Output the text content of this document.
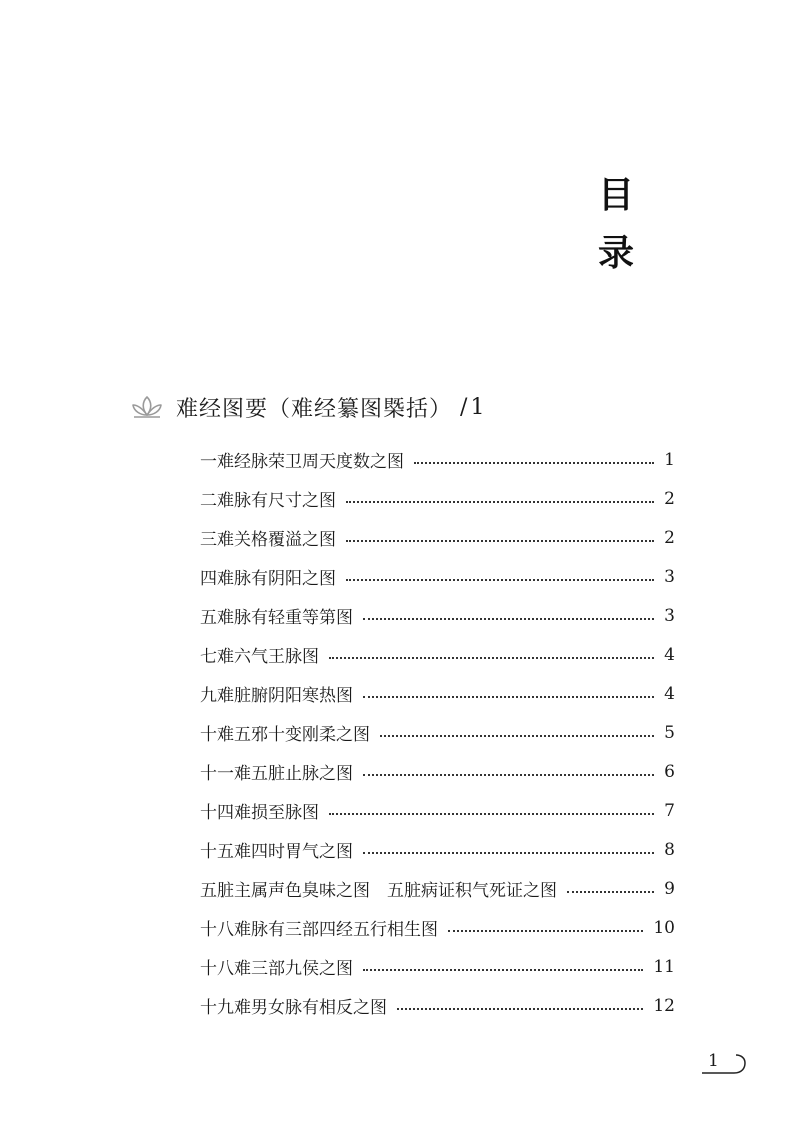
目
录
难经图要（难经纂图槩括） / 1
一难经脉荣卫周天度数之图	1
二难脉有尺寸之图	2
三难关格覆溢之图	2
四难脉有阴阳之图	3
五难脉有轻重等第图	3
七难六气王脉图	4
九难脏腑阴阳寒热图	4
十难五邪十变刚柔之图	5
十一难五脏止脉之图	6
十四难损至脉图	7
十五难四时胃气之图	8
五脏主属声色臭味之图　五脏病证积气死证之图	9
十八难脉有三部四经五行相生图	10
十八难三部九侯之图	11
十九难男女脉有相反之图	12
1
